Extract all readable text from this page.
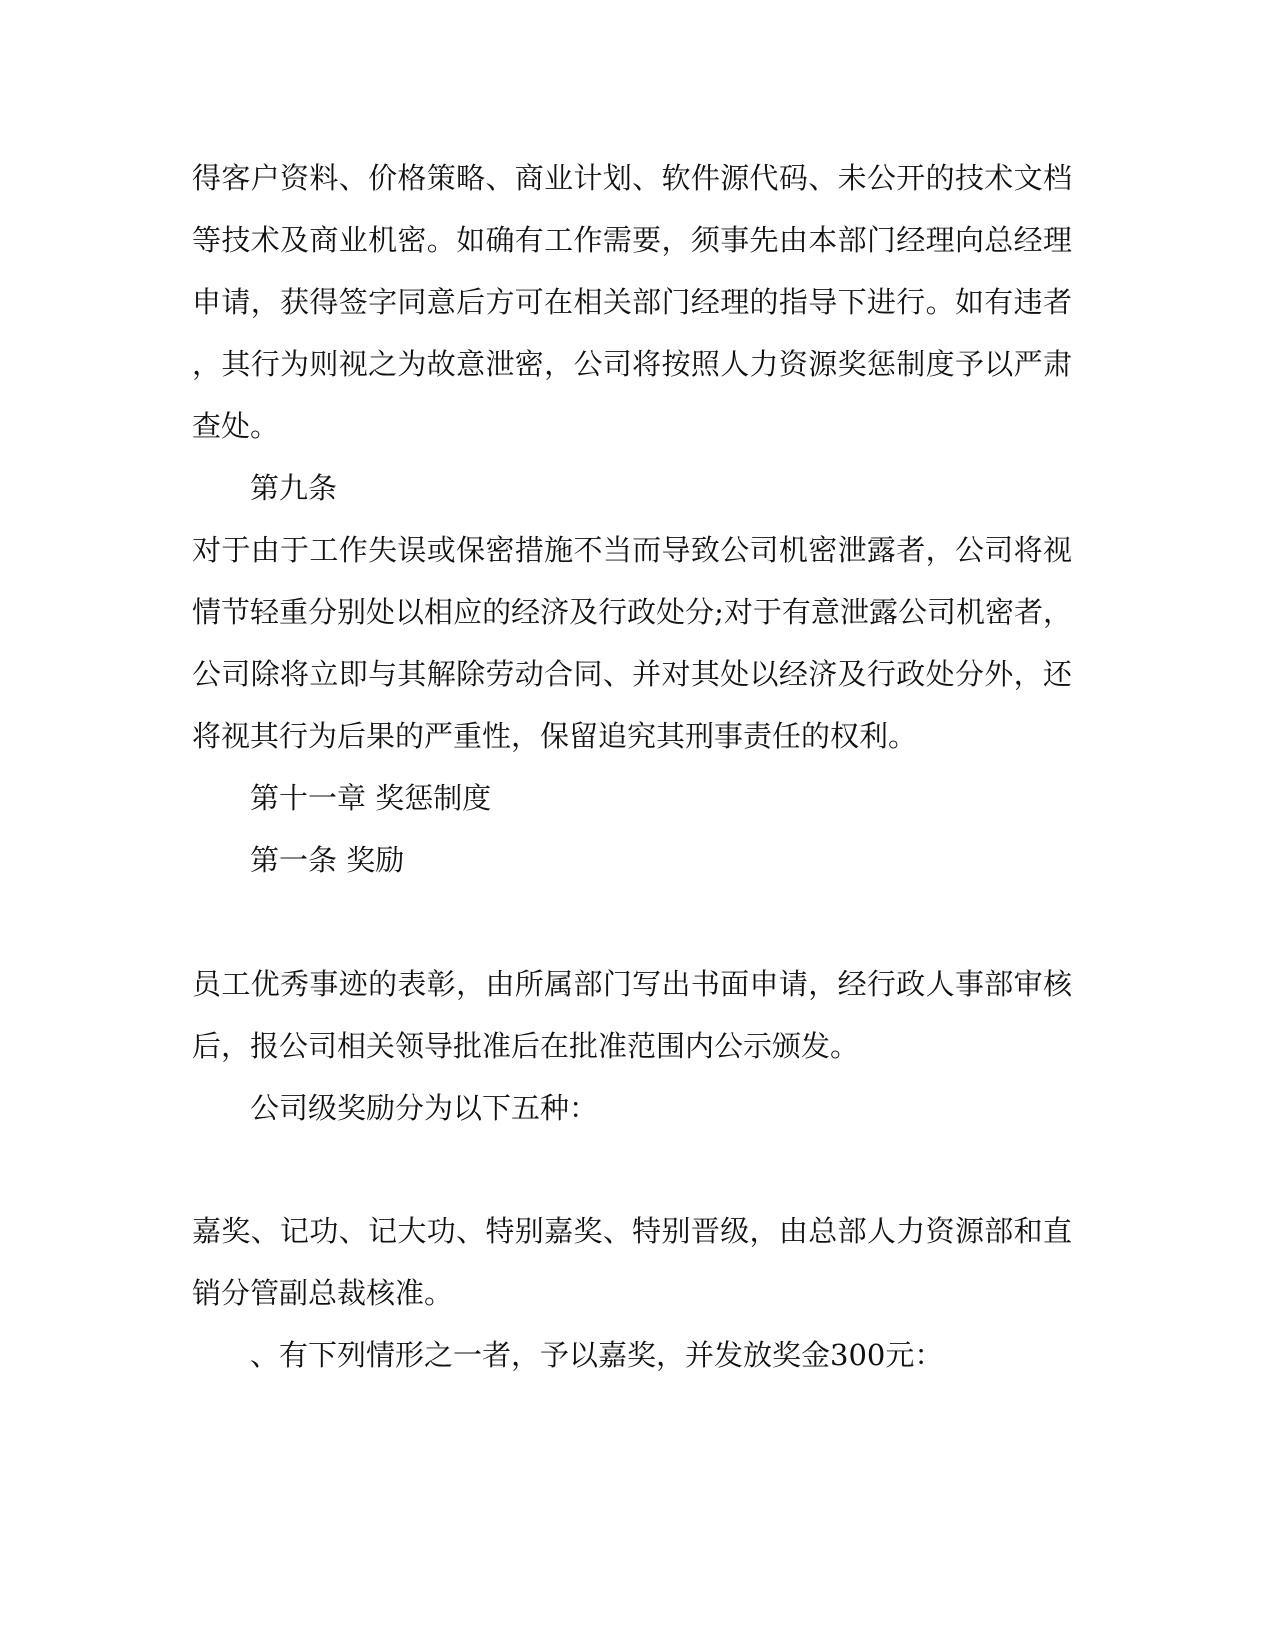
得客户资料、价格策略、商业计划、软件源代码、未公开的技术文档
等技术及商业机密。如确有工作需要，须事先由本部门经理向总经理
申请，获得签字同意后方可在相关部门经理的指导下进行。如有违者
，其行为则视之为故意泄密，公司将按照人力资源奖惩制度予以严肃
查处。
第九条
对于由于工作失误或保密措施不当而导致公司机密泄露者，公司将视
情节轻重分别处以相应的经济及行政处分;对于有意泄露公司机密者，
公司除将立即与其解除劳动合同、并对其处以经济及行政处分外，还
将视其行为后果的严重性，保留追究其刑事责任的权利。
第十一章 奖惩制度
第一条 奖励
员工优秀事迹的表彰，由所属部门写出书面申请，经行政人事部审核
后，报公司相关领导批准后在批准范围内公示颁发。
公司级奖励分为以下五种：
嘉奖、记功、记大功、特别嘉奖、特别晋级，由总部人力资源部和直
销分管副总裁核准。
、有下列情形之一者，予以嘉奖，并发放奖金300元：
